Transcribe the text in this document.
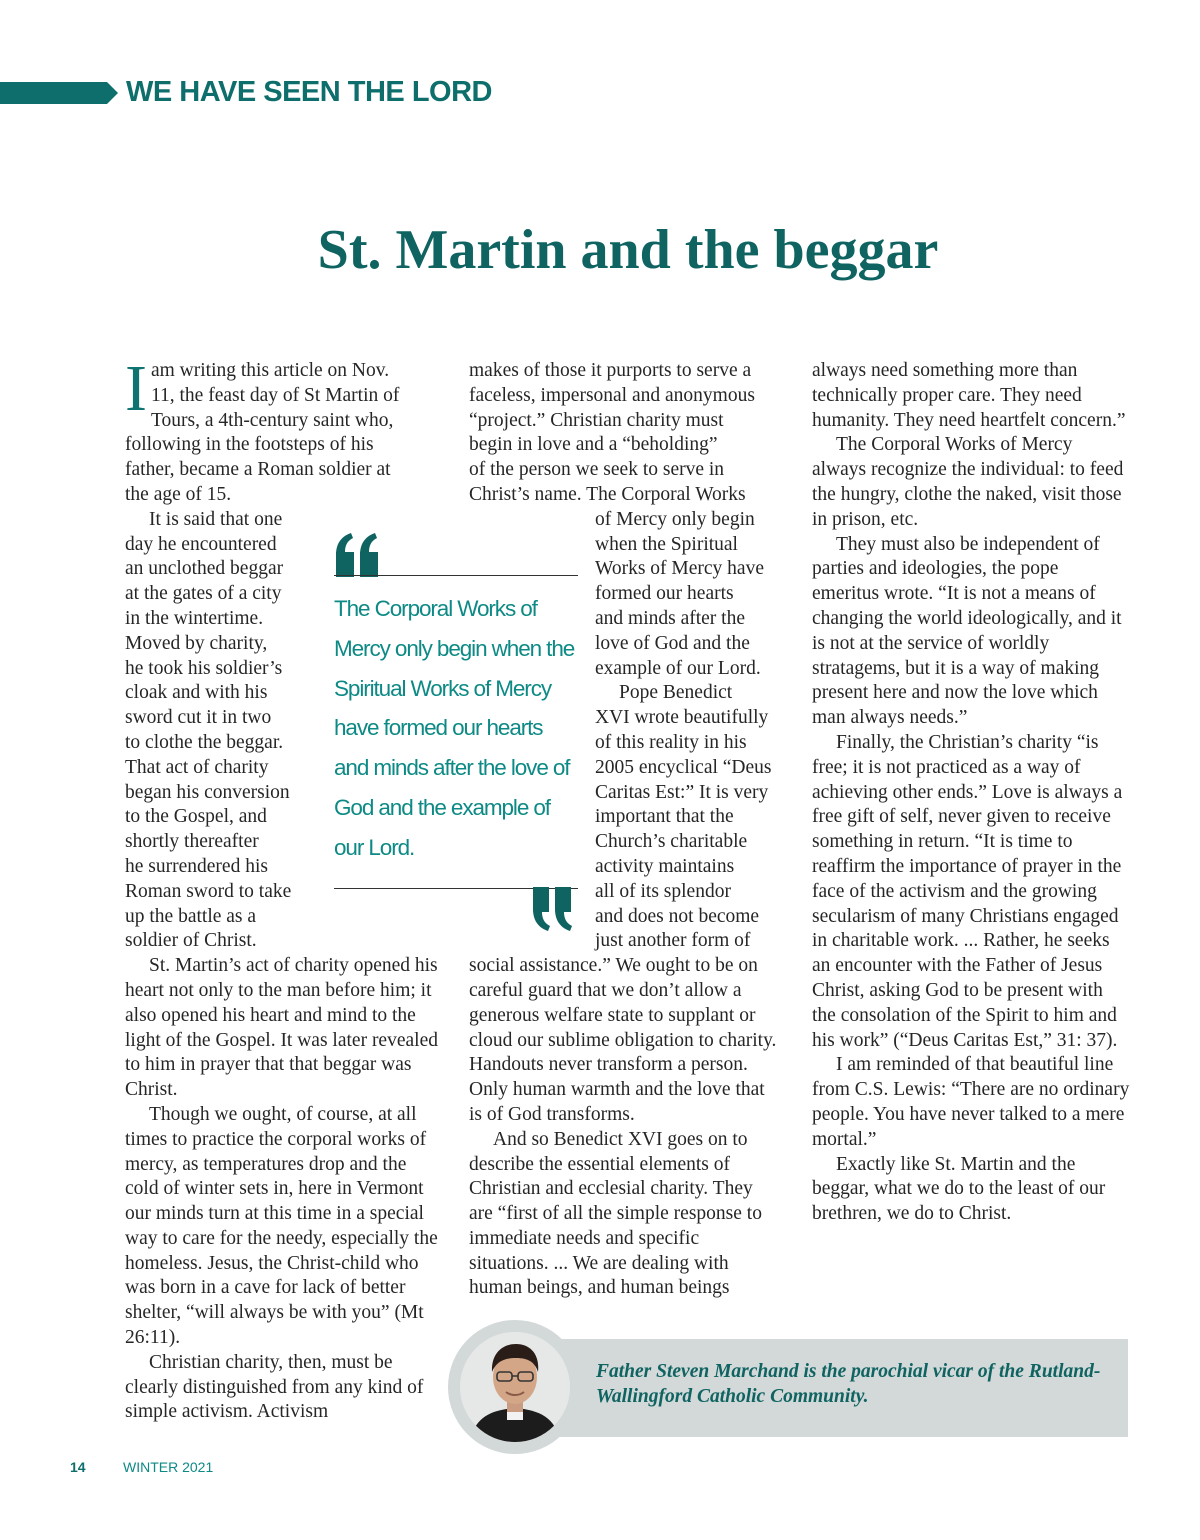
WE HAVE SEEN THE LORD
St. Martin and the beggar

I am writing this article on Nov.
11, the feast day of St Martin of
Tours, a 4th-century saint who,
following in the footsteps of his
father, became a Roman soldier at
the age of 15.

It is said that one
day he encountered
an unclothed beggar
at the gates of a city
in the wintertime.
Moved by charity,
he took his soldier’s
cloak and with his
sword cut it in two
to clothe the beggar.
That act of charity
began his conversion
to the Gospel, and
shortly thereafter
he surrendered his
Roman sword to take
up the battle as a
soldier of Christ.

St. Martin’s act of charity opened his heart not only to the man before him; it also opened his heart and mind to the light of the Gospel. It was later revealed to him in prayer that that beggar was Christ.

Though we ought, of course, at all times to practice the corporal works of mercy, as temperatures drop and the cold of winter sets in, here in Vermont our minds turn at this time in a special way to care for the needy, especially the homeless. Jesus, the Christ-child who was born in a cave for lack of better shelter, “will always be with you” (Mt 26:11).

Christian charity, then, must be clearly distinguished from any kind of simple activism. Activism

The Corporal Works of Mercy only begin when the Spiritual Works of Mercy have formed our hearts and minds after the love of God and the example of our Lord.

makes of those it purports to serve a
faceless, impersonal and anonymous
“project.” Christian charity must
begin in love and a “beholding”
of the person we seek to serve in
Christ’s name. The Corporal Works

of Mercy only begin
when the Spiritual
Works of Mercy have
formed our hearts
and minds after the
love of God and the
example of our Lord.
Pope Benedict
XVI wrote beautifully
of this reality in his
2005 encyclical “Deus
Caritas Est:” It is very
important that the
Church’s charitable
activity maintains
all of its splendor
and does not become
just another form of

social assistance.” We ought to be on careful guard that we don’t allow a generous welfare state to supplant or cloud our sublime obligation to charity. Handouts never transform a person. Only human warmth and the love that is of God transforms.

And so Benedict XVI goes on to describe the essential elements of Christian and ecclesial charity. They are “first of all the simple response to immediate needs and specific situations. ... We are dealing with human beings, and human beings

always need something more than technically proper care. They need humanity. They need heartfelt concern.”

The Corporal Works of Mercy always recognize the individual: to feed the hungry, clothe the naked, visit those in prison, etc.

They must also be independent of parties and ideologies, the pope emeritus wrote. “It is not a means of changing the world ideologically, and it is not at the service of worldly stratagems, but it is a way of making present here and now the love which man always needs.”

Finally, the Christian’s charity “is free; it is not practiced as a way of achieving other ends.” Love is always a free gift of self, never given to receive something in return. “It is time to reaffirm the importance of prayer in the face of the activism and the growing secularism of many Christians engaged in charitable work. ... Rather, he seeks an encounter with the Father of Jesus Christ, asking God to be present with the consolation of the Spirit to him and his work” (“Deus Caritas Est,” 31: 37).

I am reminded of that beautiful line from C.S. Lewis: “There are no ordinary people. You have never talked to a mere mortal.”

Exactly like St. Martin and the beggar, what we do to the least of our brethren, we do to Christ.

Father Steven Marchand is the parochial vicar of the Rutland-Wallingford Catholic Community.
14	WINTER 2021
